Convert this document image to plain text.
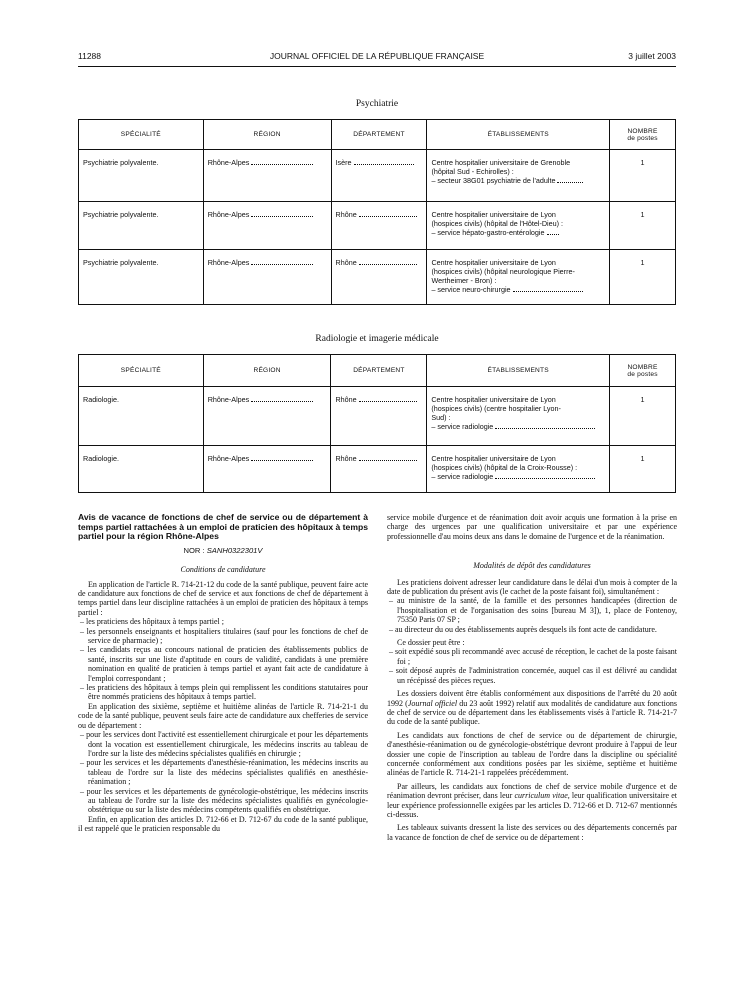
11288	JOURNAL OFFICIEL DE LA RÉPUBLIQUE FRANÇAISE	3 juillet 2003
Psychiatrie
SPÉCIALITÉ	RÉGION	DÉPARTEMENT	ÉTABLISSEMENTS	NOMBRE
de postes
Psychiatrie polyvalente.	Rhône-Alpes	Isère	Centre hospitalier universitaire de Grenoble
(hôpital Sud - Echirolles) :
– secteur 38G01 psychiatrie de l'adulte	1
Psychiatrie polyvalente.	Rhône-Alpes	Rhône	Centre hospitalier universitaire de Lyon
(hospices civils) (hôpital de l'Hôtel-Dieu) :
– service hépato-gastro-entérologie	1
Psychiatrie polyvalente.	Rhône-Alpes	Rhône	Centre hospitalier universitaire de Lyon
(hospices civils) (hôpital neurologique Pierre-
Wertheimer - Bron) :
– service neuro-chirurgie	1
Radiologie et imagerie médicale
SPÉCIALITÉ	RÉGION	DÉPARTEMENT	ÉTABLISSEMENTS	NOMBRE
de postes
Radiologie.	Rhône-Alpes	Rhône	Centre hospitalier universitaire de Lyon
(hospices civils) (centre hospitalier Lyon-
Sud) :
– service radiologie	1
Radiologie.	Rhône-Alpes	Rhône	Centre hospitalier universitaire de Lyon
(hospices civils) (hôpital de la Croix-Rousse) :
– service radiologie	1

Avis de vacance de fonctions de chef de service ou de département à temps partiel rattachées à un emploi de praticien des hôpitaux à temps partiel pour la région Rhône-Alpes

NOR : SANH0322301V

Conditions de candidature

En application de l'article R. 714-21-12 du code de la santé publique, peuvent faire acte de candidature aux fonctions de chef de service et aux fonctions de chef de département à temps partiel dans leur discipline rattachées à un emploi de praticien des hôpitaux à temps partiel :

– les praticiens des hôpitaux à temps partiel ;

– les personnels enseignants et hospitaliers titulaires (sauf pour les fonctions de chef de service de pharmacie) ;

– les candidats reçus au concours national de praticien des établissements publics de santé, inscrits sur une liste d'aptitude en cours de validité, candidats à une première nomination en qualité de praticien à temps partiel et ayant fait acte de candidature à l'emploi correspondant ;

– les praticiens des hôpitaux à temps plein qui remplissent les conditions statutaires pour être nommés praticiens des hôpitaux à temps partiel.

En application des sixième, septième et huitième alinéas de l'article R. 714-21-1 du code de la santé publique, peuvent seuls faire acte de candidature aux chefferies de service ou de département :

– pour les services dont l'activité est essentiellement chirurgicale et pour les départements dont la vocation est essentiellement chirurgicale, les médecins inscrits au tableau de l'ordre sur la liste des médecins spécialistes qualifiés en chirurgie ;

– pour les services et les départements d'anesthésie-réanimation, les médecins inscrits au tableau de l'ordre sur la liste des médecins spécialistes qualifiés en anesthésie-réanimation ;

– pour les services et les départements de gynécologie-obstétrique, les médecins inscrits au tableau de l'ordre sur la liste des médecins spécialistes qualifiés en gynécologie-obstétrique ou sur la liste des médecins compétents qualifiés en obstétrique.

Enfin, en application des articles D. 712-66 et D. 712-67 du code de la santé publique, il est rappelé que le praticien responsable du

service mobile d'urgence et de réanimation doit avoir acquis une formation à la prise en charge des urgences par une qualification universitaire et par une expérience professionnelle d'au moins deux ans dans le domaine de l'urgence et de la réanimation.

Modalités de dépôt des candidatures

Les praticiens doivent adresser leur candidature dans le délai d'un mois à compter de la date de publication du présent avis (le cachet de la poste faisant foi), simultanément :

– au ministre de la santé, de la famille et des personnes handicapées (direction de l'hospitalisation et de l'organisation des soins [bureau M 3]), 1, place de Fontenoy, 75350 Paris 07 SP ;

– au directeur du ou des établissements auprès desquels ils font acte de candidature.

Ce dossier peut être :

– soit expédié sous pli recommandé avec accusé de réception, le cachet de la poste faisant foi ;

– soit déposé auprès de l'administration concernée, auquel cas il est délivré au candidat un récépissé des pièces reçues.

Les dossiers doivent être établis conformément aux dispositions de l'arrêté du 20 août 1992 (Journal officiel du 23 août 1992) relatif aux modalités de candidature aux fonctions de chef de service ou de département dans les établissements visés à l'article R. 714-21-7 du code de la santé publique.

Les candidats aux fonctions de chef de service ou de département de chirurgie, d'anesthésie-réanimation ou de gynécologie-obstétrique devront produire à l'appui de leur dossier une copie de l'inscription au tableau de l'ordre dans la discipline ou spécialité concernée conformément aux conditions posées par les sixième, septième et huitième alinéas de l'article R. 714-21-1 rappelées précédemment.

Par ailleurs, les candidats aux fonctions de chef de service mobile d'urgence et de réanimation devront préciser, dans leur curriculum vitae, leur qualification universitaire et leur expérience professionnelle exigées par les articles D. 712-66 et D. 712-67 mentionnés ci-dessus.

Les tableaux suivants dressent la liste des services ou des départements concernés par la vacance de fonction de chef de service ou de département :
